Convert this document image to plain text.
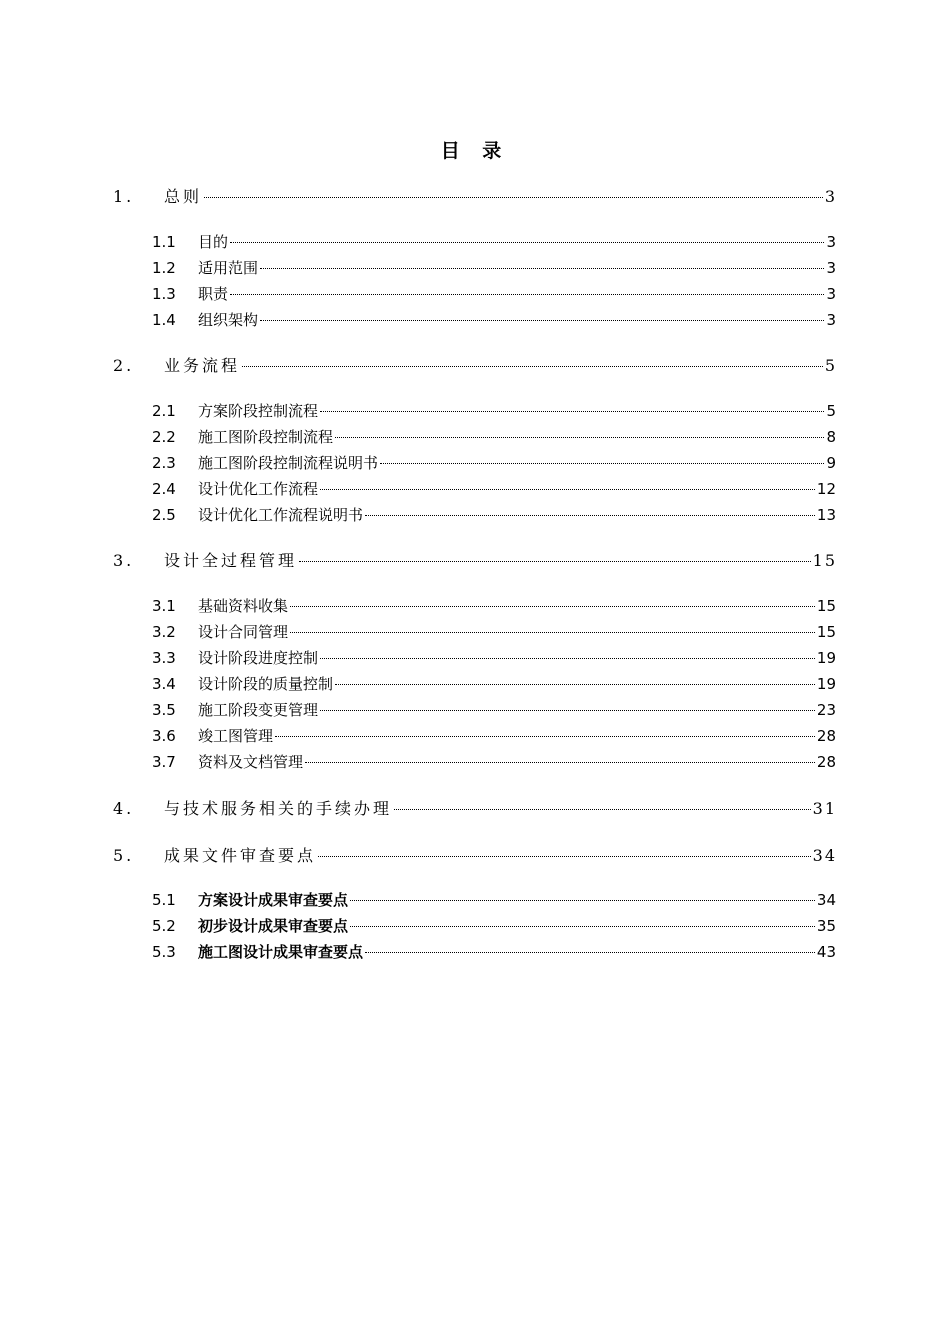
目 录
1.	总则	3
1.1	目的	3
1.2	适用范围	3
1.3	职责	3
1.4	组织架构	3
2.	业务流程	5
2.1	方案阶段控制流程	5
2.2	施工图阶段控制流程	8
2.3	施工图阶段控制流程说明书	9
2.4	设计优化工作流程	12
2.5	设计优化工作流程说明书	13
3.	设计全过程管理	15
3.1	基础资料收集	15
3.2	设计合同管理	15
3.3	设计阶段进度控制	19
3.4	设计阶段的质量控制	19
3.5	施工阶段变更管理	23
3.6	竣工图管理	28
3.7	资料及文档管理	28
4.	与技术服务相关的手续办理	31
5.	成果文件审查要点	34
5.1	方案设计成果审查要点	34
5.2	初步设计成果审查要点	35
5.3	施工图设计成果审查要点	43
